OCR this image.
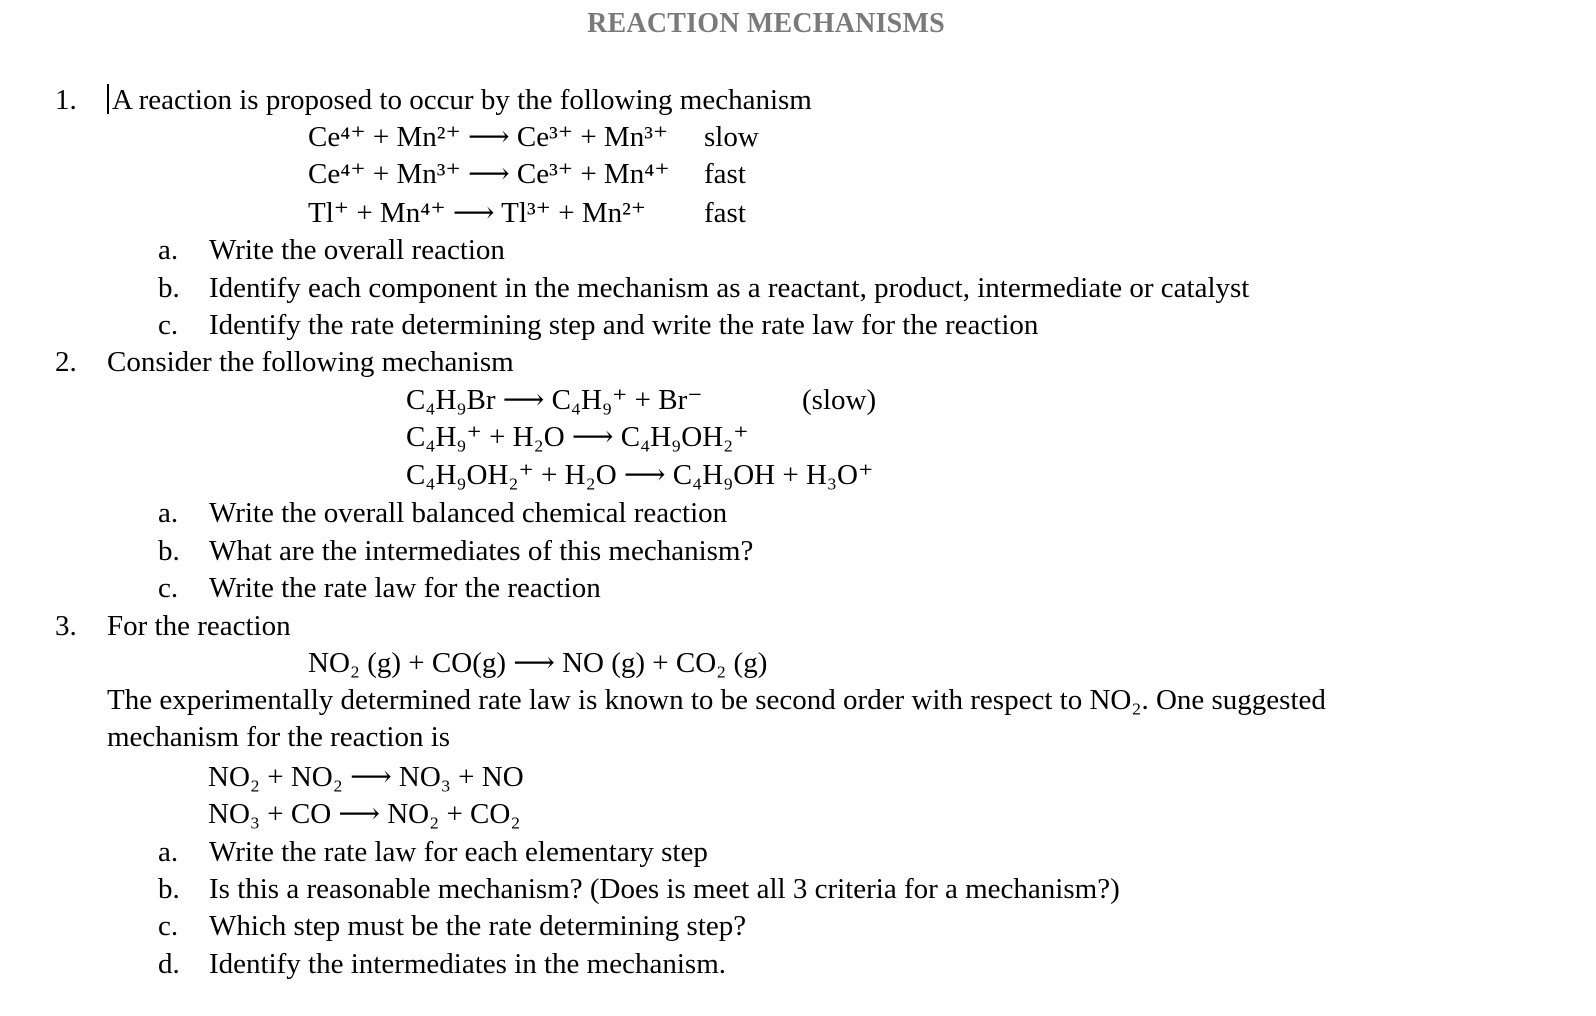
REACTION MECHANISMS
1. A reaction is proposed to occur by the following mechanism
Ce⁴⁺ + Mn²⁺ ⟶ Ce³⁺ + Mn³⁺ slow
Ce⁴⁺ + Mn³⁺ ⟶ Ce³⁺ + Mn⁴⁺ fast
Tl⁺ + Mn⁴⁺ ⟶ Tl³⁺ + Mn²⁺ fast
a. Write the overall reaction
b. Identify each component in the mechanism as a reactant, product, intermediate or catalyst
c. Identify the rate determining step and write the rate law for the reaction
2. Consider the following mechanism
C₄H₉Br ⟶ C₄H₉⁺ + Br⁻	(slow)
C₄H₉⁺ + H₂O ⟶ C₄H₉OH₂⁺
C₄H₉OH₂⁺ + H₂O ⟶ C₄H₉OH + H₃O⁺
a. Write the overall balanced chemical reaction
b. What are the intermediates of this mechanism?
c. Write the rate law for the reaction
3. For the reaction
NO₂ (g) + CO(g) ⟶ NO (g) + CO₂ (g)
The experimentally determined rate law is known to be second order with respect to NO₂. One suggested
mechanism for the reaction is
NO₂ + NO₂ ⟶ NO₃ + NO
NO₃ + CO ⟶ NO₂ + CO₂
a. Write the rate law for each elementary step
b. Is this a reasonable mechanism? (Does is meet all 3 criteria for a mechanism?)
c. Which step must be the rate determining step?
d. Identify the intermediates in the mechanism.
